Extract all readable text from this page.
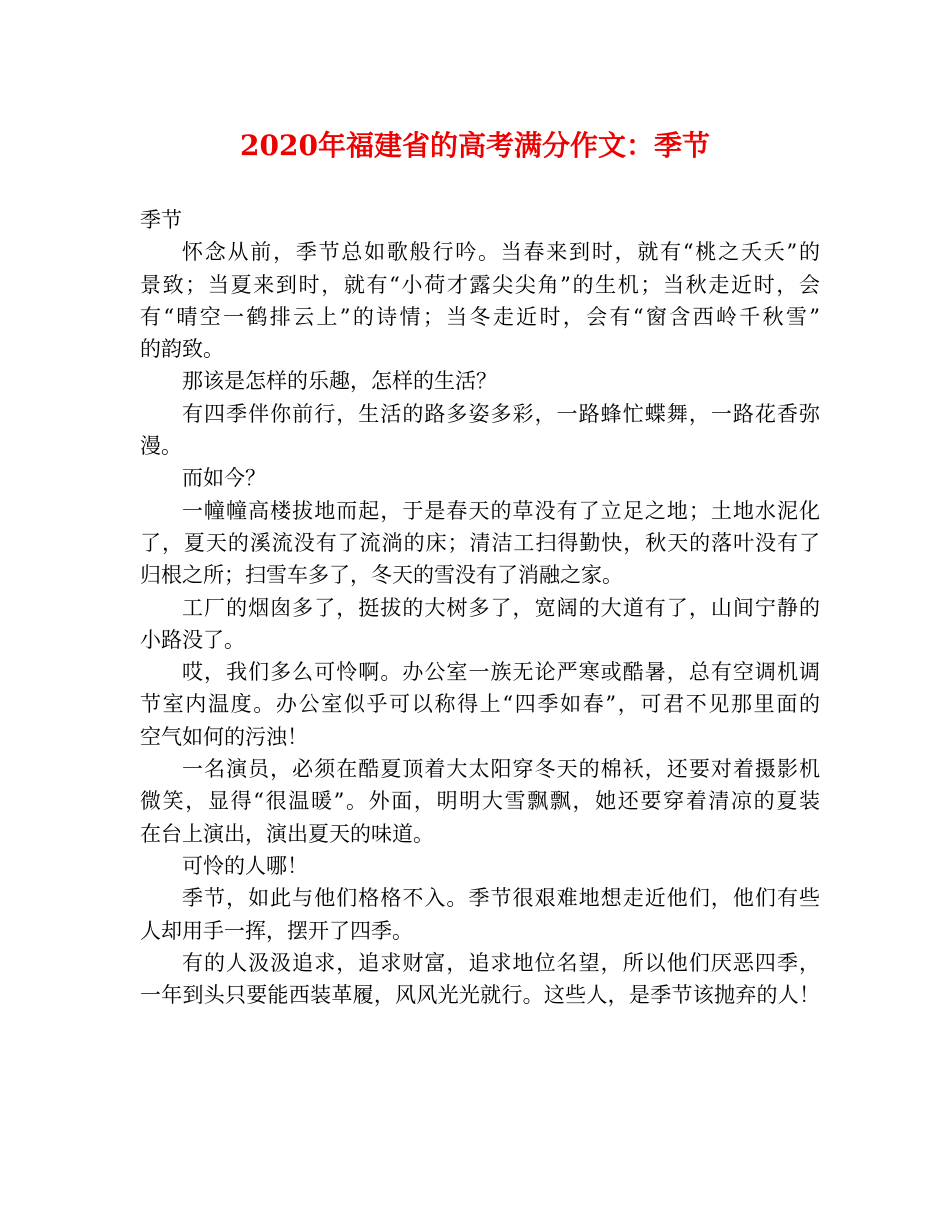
2020年福建省的高考满分作文：季节
季节
怀念从前，季节总如歌般行吟。当春来到时，就有“桃之夭夭”的
景致；当夏来到时，就有“小荷才露尖尖角”的生机；当秋走近时，会
有“晴空一鹤排云上”的诗情；当冬走近时，会有“窗含西岭千秋雪”
的韵致。
那该是怎样的乐趣，怎样的生活？
有四季伴你前行，生活的路多姿多彩，一路蜂忙蝶舞，一路花香弥
漫。
而如今？
一幢幢高楼拔地而起，于是春天的草没有了立足之地；土地水泥化
了，夏天的溪流没有了流淌的床；清洁工扫得勤快，秋天的落叶没有了
归根之所；扫雪车多了，冬天的雪没有了消融之家。
工厂的烟囱多了，挺拔的大树多了，宽阔的大道有了，山间宁静的
小路没了。
哎，我们多么可怜啊。办公室一族无论严寒或酷暑，总有空调机调
节室内温度。办公室似乎可以称得上“四季如春”，可君不见那里面的
空气如何的污浊！
一名演员，必须在酷夏顶着大太阳穿冬天的棉袄，还要对着摄影机
微笑，显得“很温暖”。外面，明明大雪飘飘，她还要穿着清凉的夏装
在台上演出，演出夏天的味道。
可怜的人哪！
季节，如此与他们格格不入。季节很艰难地想走近他们，他们有些
人却用手一挥，摆开了四季。
有的人汲汲追求，追求财富，追求地位名望，所以他们厌恶四季，
一年到头只要能西装革履，风风光光就行。这些人，是季节该抛弃的人！
